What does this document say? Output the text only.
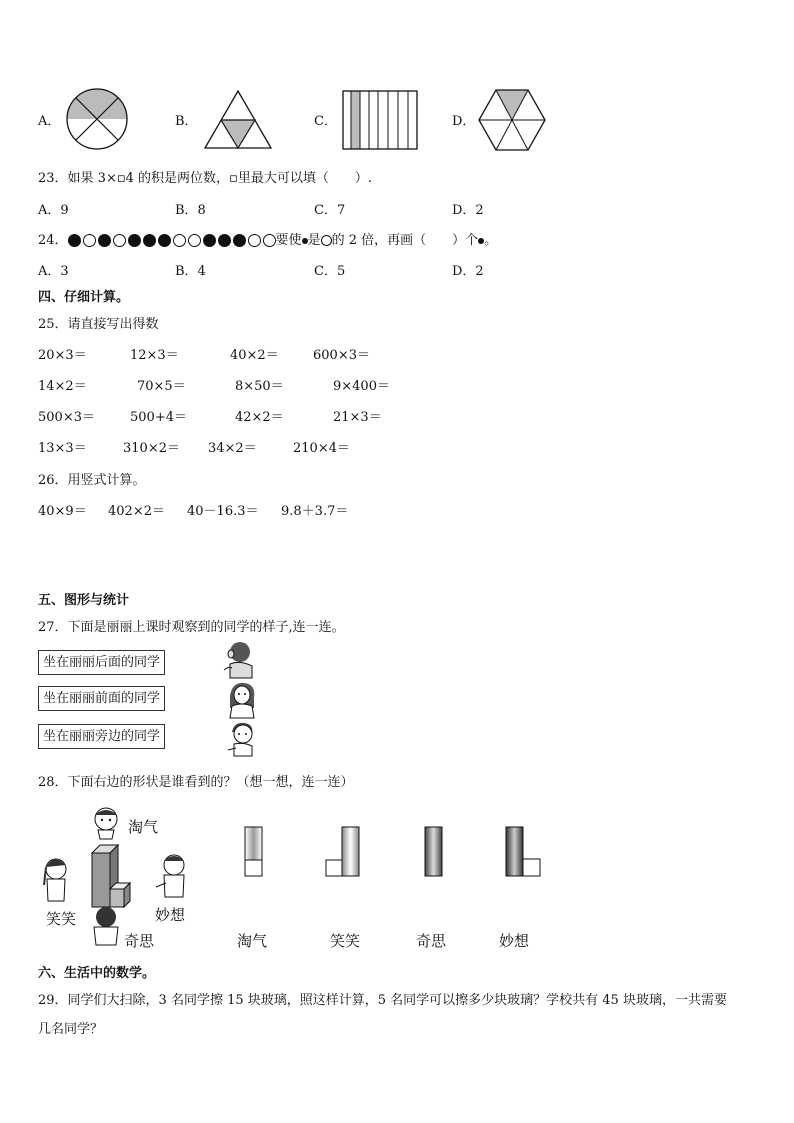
A．	B．	C．	D．
23．如果 3×▫4 的积是两位数，▫里最大可以填（　　）.
A．9	B．8	C．7	D．2
24．	要使 是 的 2 倍，再画（　　）个 。
A．3	B．4	C．5	D．2
四、仔细计算。
25．请直接写出得数
20×3＝	12×3＝	40×2＝	600×3＝
14×2＝	70×5＝	8×50＝	9×400＝
500×3＝	500+4＝	42×2＝	21×3＝
13×3＝	310×2＝ 34×2＝	210×4＝
26．用竖式计算。
40×9＝ 402×2＝ 40－16.3＝ 9.8＋3.7＝
五、图形与统计
27．下面是丽丽上课时观察到的同学的样子,连一连。
坐在丽丽后面的同学
坐在丽丽前面的同学
坐在丽丽旁边的同学
28．下面右边的形状是谁看到的？（想一想，连一连）
淘气
笑笑	妙想
奇思	淘气	笑笑	奇思	妙想
六、生活中的数学。
29．同学们大扫除，3 名同学擦 15 块玻璃，照这样计算，5 名同学可以擦多少块玻璃？学校共有 45 块玻璃，一共需要
几名同学？
